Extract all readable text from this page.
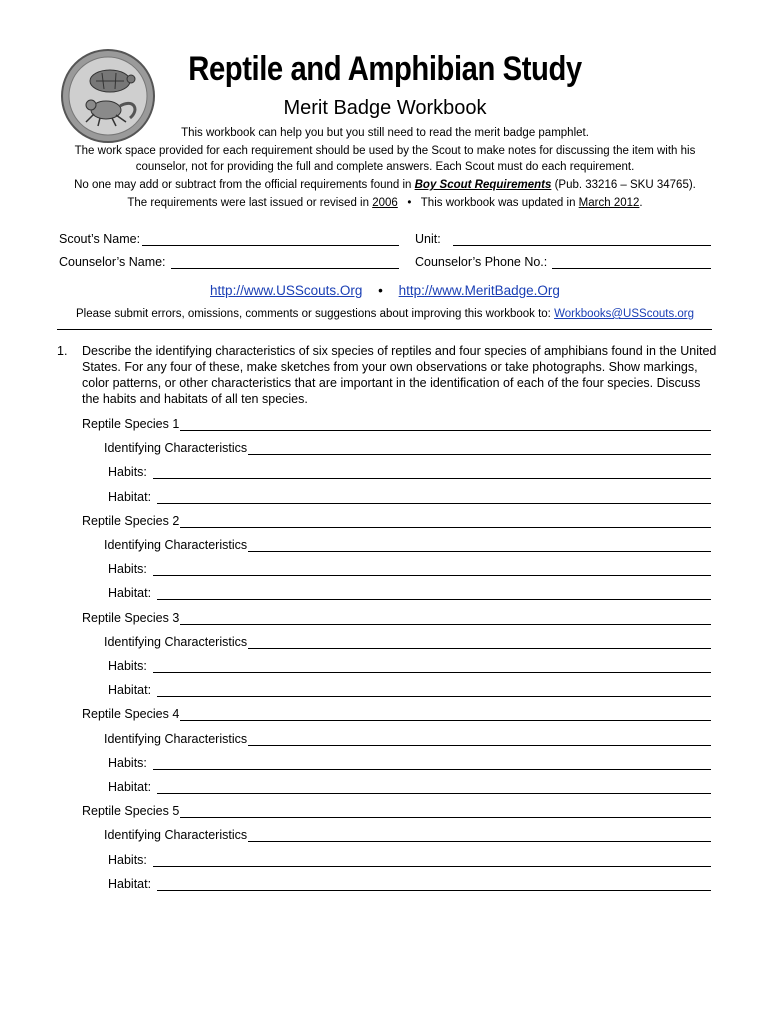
Reptile and Amphibian Study
Merit Badge Workbook
This workbook can help you but you still need to read the merit badge pamphlet.
The work space provided for each requirement should be used by the Scout to make notes for discussing the item with his counselor, not for providing the full and complete answers. Each Scout must do each requirement.
No one may add or subtract from the official requirements found in Boy Scout Requirements (Pub. 33216 – SKU 34765).
The requirements were last issued or revised in 2006   •   This workbook was updated in March 2012.
Scout’s Name:	Unit:
Counselor’s Name:	Counselor’s Phone No.:
http://www.USScouts.Org • http://www.MeritBadge.Org
Please submit errors, omissions, comments or suggestions about improving this workbook to: Workbooks@USScouts.org
1. Describe the identifying characteristics of six species of reptiles and four species of amphibians found in the United States. For any four of these, make sketches from your own observations or take photographs. Show markings, color patterns, or other characteristics that are important in the identification of each of the four species. Discuss the habits and habitats of all ten species.
Reptile Species 1
Identifying Characteristics
Habits:
Habitat:
Reptile Species 2
Identifying Characteristics
Habits:
Habitat:
Reptile Species 3
Identifying Characteristics
Habits:
Habitat:
Reptile Species 4
Identifying Characteristics
Habits:
Habitat:
Reptile Species 5
Identifying Characteristics
Habits:
Habitat:
